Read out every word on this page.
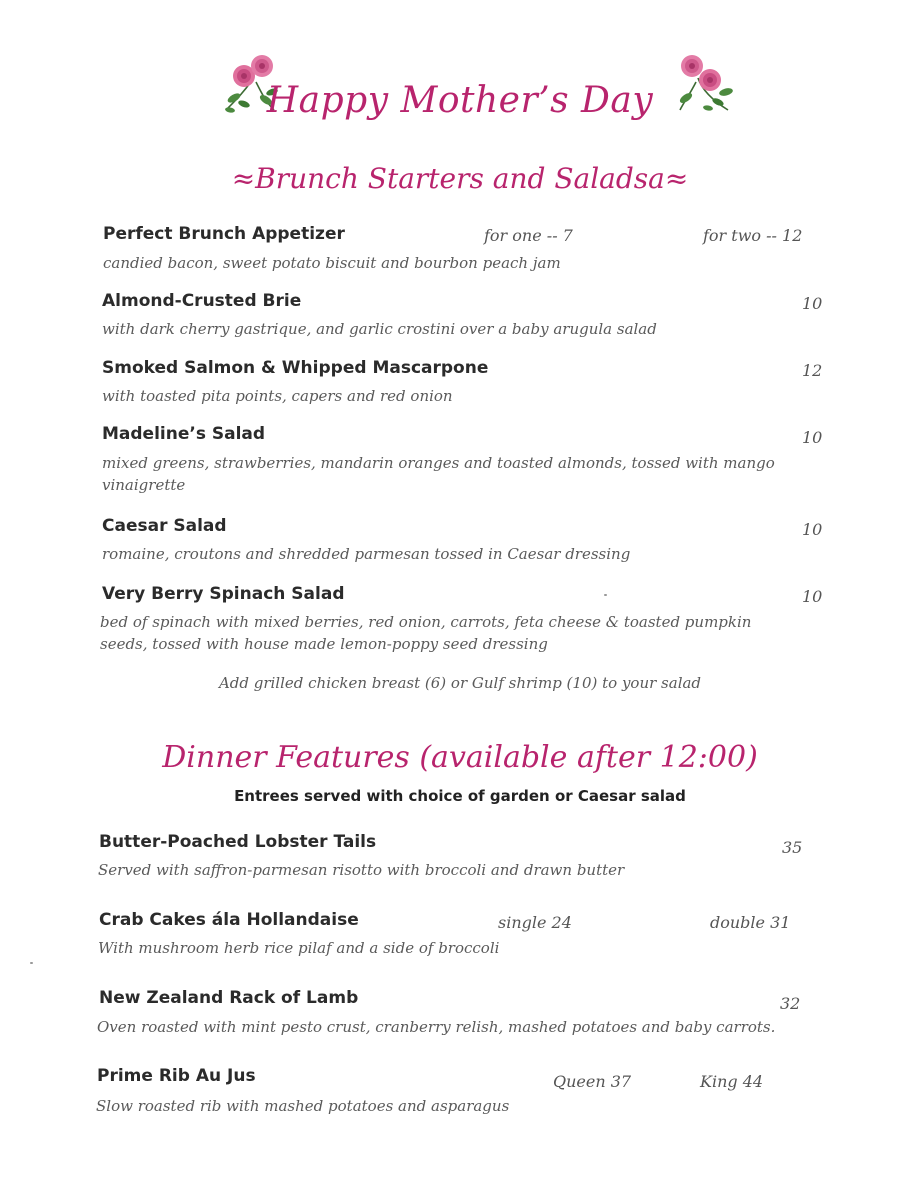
Happy Mother’s Day
≈Brunch Starters and Saladsa≈
Perfect Brunch Appetizer	for one -- 7	for two -- 12
candied bacon, sweet potato biscuit and bourbon peach jam
Almond-Crusted Brie	10
with dark cherry gastrique, and garlic crostini over a baby arugula salad
Smoked Salmon & Whipped Mascarpone	12
with toasted pita points, capers and red onion
Madeline’s Salad	10
mixed greens, strawberries, mandarin oranges and toasted almonds, tossed with mango vinaigrette
Caesar Salad	10
romaine, croutons and shredded parmesan tossed in Caesar dressing
Very Berry Spinach Salad	10
bed of spinach with mixed berries, red onion, carrots, feta cheese & toasted pumpkin seeds, tossed with house made lemon-poppy seed dressing
Add grilled chicken breast (6) or Gulf shrimp (10) to your salad
Dinner Features (available after 12:00)
Entrees served with choice of garden or Caesar salad
Butter-Poached Lobster Tails	35
Served with saffron-parmesan risotto with broccoli and drawn butter
Crab Cakes ála Hollandaise	single 24	double 31
With mushroom herb rice pilaf and a side of broccoli
New Zealand Rack of Lamb	32
Oven roasted with mint pesto crust, cranberry relish, mashed potatoes and baby carrots.
Prime Rib Au Jus	Queen 37	King 44
Slow roasted rib with mashed potatoes and asparagus
